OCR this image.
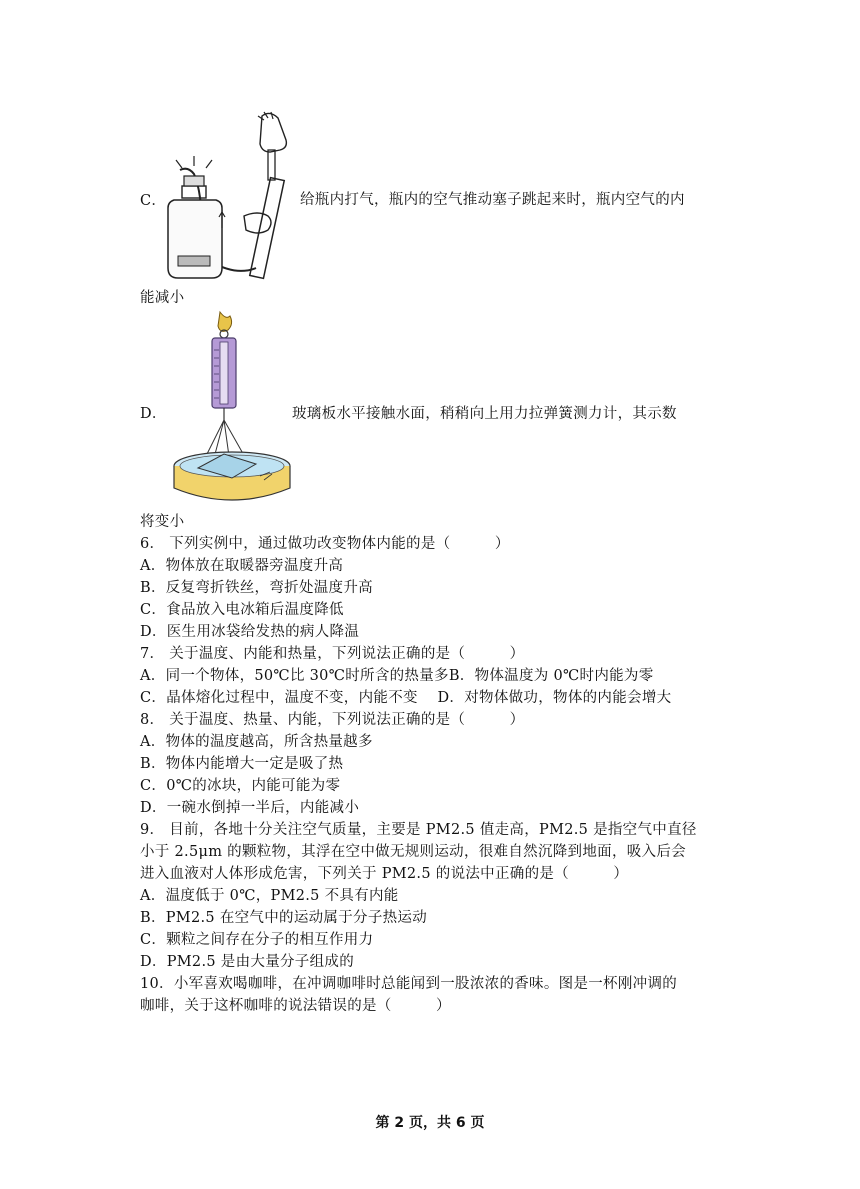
C．	给瓶内打气，瓶内的空气推动塞子跳起来时，瓶内空气的内
能减小
D．	玻璃板水平接触水面，稍稍向上用力拉弹簧测力计，其示数
将变小
6． 下列实例中，通过做功改变物体内能的是（　　　）
A．物体放在取暖器旁温度升高
B．反复弯折铁丝，弯折处温度升高
C．食品放入电冰箱后温度降低
D．医生用冰袋给发热的病人降温
7． 关于温度、内能和热量，下列说法正确的是（　　　）
A．同一个物体，50℃比 30℃时所含的热量多B．物体温度为 0℃时内能为零
C．晶体熔化过程中，温度不变，内能不变　 D．对物体做功，物体的内能会增大
8． 关于温度、热量、内能，下列说法正确的是（　　　）
A．物体的温度越高，所含热量越多
B．物体内能增大一定是吸了热
C．0℃的冰块，内能可能为零
D．一碗水倒掉一半后，内能减小
9． 目前，各地十分关注空气质量，主要是 PM2.5 值走高，PM2.5 是指空气中直径
小于 2.5μm 的颗粒物，其浮在空中做无规则运动，很难自然沉降到地面，吸入后会
进入血液对人体形成危害，下列关于 PM2.5 的说法中正确的是（　　　）
A．温度低于 0℃，PM2.5 不具有内能
B．PM2.5 在空气中的运动属于分子热运动
C．颗粒之间存在分子的相互作用力
D．PM2.5 是由大量分子组成的
10．小军喜欢喝咖啡，在冲调咖啡时总能闻到一股浓浓的香味。图是一杯刚冲调的
咖啡，关于这杯咖啡的说法错误的是（　　　）
第 2 页，共 6 页
